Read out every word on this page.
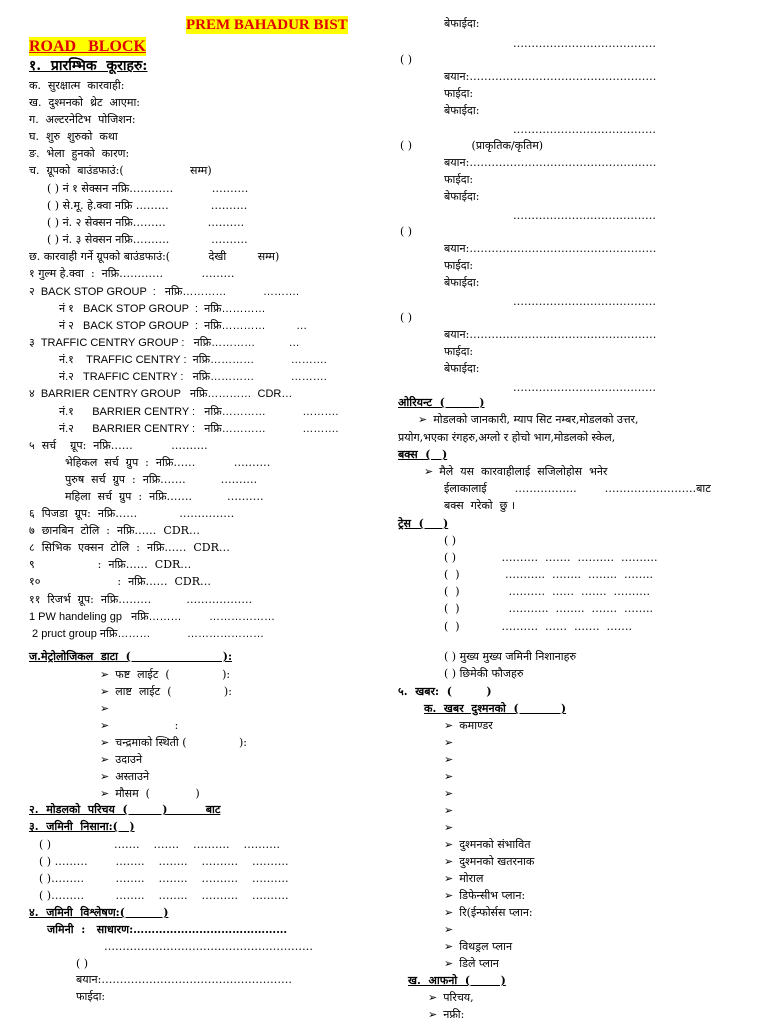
PREM BAHADUR BIST
ROAD   BLOCK
१.  प्रारम्भिक  कूराहरु:
क.  सुरक्षात्म  कारवाही:
ख.  दुश्मनको  थ्रेट  आएमा:
ग.  अल्टरनेटिभ  पोजिशन:
घ.  शुरु  शुरुको  कथा
ङ.  भेला  हुनको  कारण:
च.  ग्रूपको  बाउंडफाउं:(                   सम्म)
( ) नं १ सेक्सन नफ्रि…………           ……….
( ) से.मू. हे.क्वा नफ्रि ………            ……….
( ) नं. २ सेक्सन नफ्रि………            ……….
( ) नं. ३ सेक्सन नफ्रि……….            ……….
छ. कारवाही गर्ने ग्रूपको बाउंडफाउं:(           देखी         सम्म)
१ गुल्म हे.क्वा  :  नफ्रि…………           ………
२  BACK STOP GROUP  :   नफ्रि…………            ……….
नं १   BACK STOP GROUP  :  नफ्रि…………
नं २   BACK STOP GROUP  :  नफ्रि…………          …
३  TRAFFIC CENTRY GROUP :   नफ्रि…………           …
नं.१    TRAFFIC CENTRY :  नफ्रि…………            ……….
नं.२   TRAFFIC CENTRY :   नफ्रि…………            ……….
४  BARRIER CENTRY GROUP   नफ्रि…………  CDR…
नं.१      BARRIER CENTRY :   नफ्रि…………            ……….
नं.२      BARRIER CENTRY :   नफ्रि…………            ……….
५  सर्च    ग्रूप:  नफ्रि……           ……….
भेहिकल  सर्च  ग्रुप  :  नफ्रि……           ……….
पुरुष  सर्च  ग्रुप  :  नफ्रि…….          ……….
महिला  सर्च  ग्रुप  :  नफ्रि…….          ……….
६  पिजडा  ग्रूप:  नफ्रि……            ……………
७  छानबिन  टोलि  :  नफ्रि……  CDR…
८  सिभिक  एक्सन  टोलि  :  नफ्रि……  CDR…
९                  :  नफ्रि……  CDR…
१०                      :  नफ्रि……  CDR…
११  रिजर्भ  ग्रूप:  नफ्रि………          ………………
1 PW handeling gp   नफ्रि………         ………………
2 pruct group नफ्रि………            …………………
ज.मेट्रोलोजिकल  डाटा  (                        ):
➢ फष्ट  लाईट  (               ):
➢ लाष्ट  लाईट  (               ):
➢
➢                  :
➢ चन्द्रमाको स्थिती (               ):
➢ उदाउने
➢ अस्ताउने
➢ मौसम  (             )
२.  मोडलको  परिचय  (         )          बाट
३.  जमिनी  निसाना:(   )
( )                  …….    …….    ……….    ……….
( ) ………        ……..    ……..    ……….    ……….
( )………         ……..    ……..    ……….    ……….
( )………         ……..    ……..    ……….    ……….
४.  जमिनी  विश्लेषण:(          )
जमिनी  :   साधारण:……………………………………
…………………………………………………
( )
बयान:…………………………………………….
फाईदा:
बेफाईदा:
…………………………………
( )
बयान:……………………………………………
फाईदा:
बेफाईदा:
…………………………………
( )                 (प्राकृतिक/कृतिम)
बयान:……………………………………………
फाईदा:
बेफाईदा:
…………………………………
( )
बयान:……………………………………………
फाईदा:
बेफाईदा:
…………………………………
( )
बयान:……………………………………………
फाईदा:
बेफाईदा:
…………………………………
ओरियन्ट  (         )
➢ मोडलको जानकारी, म्याप सिट नम्बर,मोडलको उत्तर,
प्रयोग,भएका रंगहरु,अग्लो र होचो भाग,मोडलको स्केल,
बक्स  (   )
➢ मैले  यस  कारवाहीलाई  सजिलोहोस  भनेर
ईलाकालाई        ……………..        …………………….बाट
बक्स  गरेको  छु ।
ट्रेस  (     )
( )
( )             ……….  …….  ……….  ……….
(  )             ………..  ……..  ……..  ……..
(  )              ……….  ……  …….  ……….
(  )              ………..  ……..  …….  ……..
(  )            ……….  ……  …….  …….
( ) मुख्य मुख्य जमिनी निशानाहरु
( ) छिमेकी फौजहरु
५.  खबर:  (         )
क.  खबर  दुश्मनको  (           )
➢ कमाण्डर
➢
➢
➢
➢
➢
➢
➢ दुश्मनको संभावित
➢ दुश्मनको खतरनाक
➢ मोराल
➢ डिफेन्सीभ प्लान:
➢ रि(ईन्फोर्सस प्लान:
➢
➢ विथड्रल प्लान
➢ डिले प्लान
ख.  आफनो  (        )
➢ परिचय,
➢ नफ्री:
